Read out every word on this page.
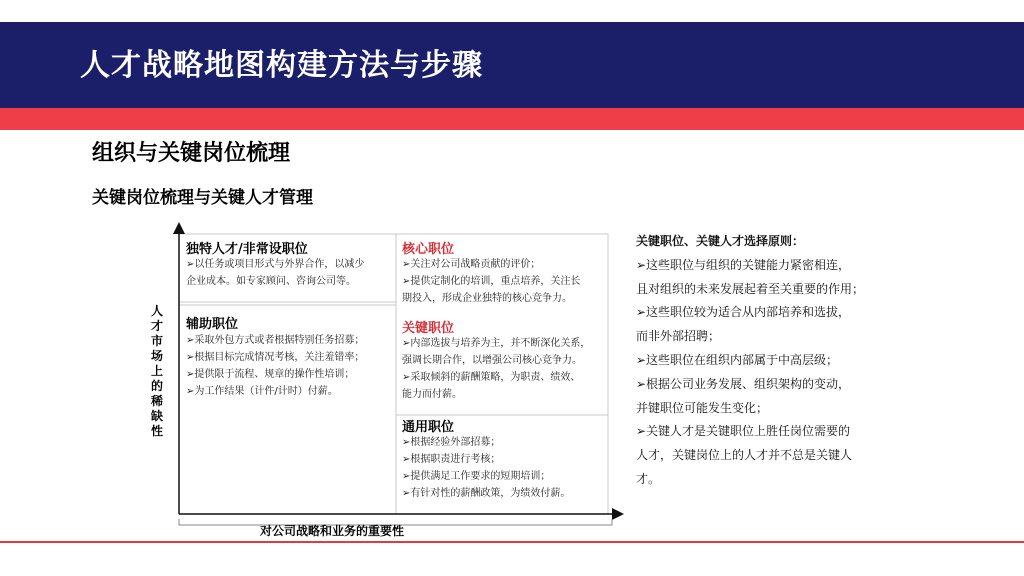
人才战略地图构建方法与步骤
组织与关键岗位梳理
关键岗位梳理与关键人才管理
人
才
市
场
上
的
稀
缺
性
对公司战略和业务的重要性
独特人才/非常设职位
➢以任务或项目形式与外界合作，以减少
企业成本。如专家顾问、咨询公司等。
核心职位
➢关注对公司战略贡献的评价；
➢提供定制化的培训，重点培养，关注长
期投入，形成企业独特的核心竞争力。
辅助职位
➢采取外包方式或者根据特别任务招募；
➢根据目标完成情况考核，关注羞错率；
➢提供限于流程、规章的操作性培训；
➢为工作结果（计件/计时）付薪。
关键职位
➢内部选拔与培养为主，并不断深化关系，
强调长期合作，以增强公司核心竞争力。
➢采取倾斜的薪酬策略，为职责、绩效、
能力而付薪。
通用职位
➢根据经验外部招募；
➢根据职责进行考核；
➢提供满足工作要求的短期培训；
➢有针对性的薪酬政策，为绩效付薪。
关键职位、关键人才选择原则：
➢这些职位与组织的关键能力紧密相连，
且对组织的未来发展起着至关重要的作用；
➢这些职位较为适合从内部培养和选拔，
而非外部招聘；
➢这些职位在组织内部属于中高层级；
➢根据公司业务发展、组织架构的变动，
并键职位可能发生变化；
➢关键人才是关键职位上胜任岗位需要的
人才，关键岗位上的人才并不总是关键人
才。
